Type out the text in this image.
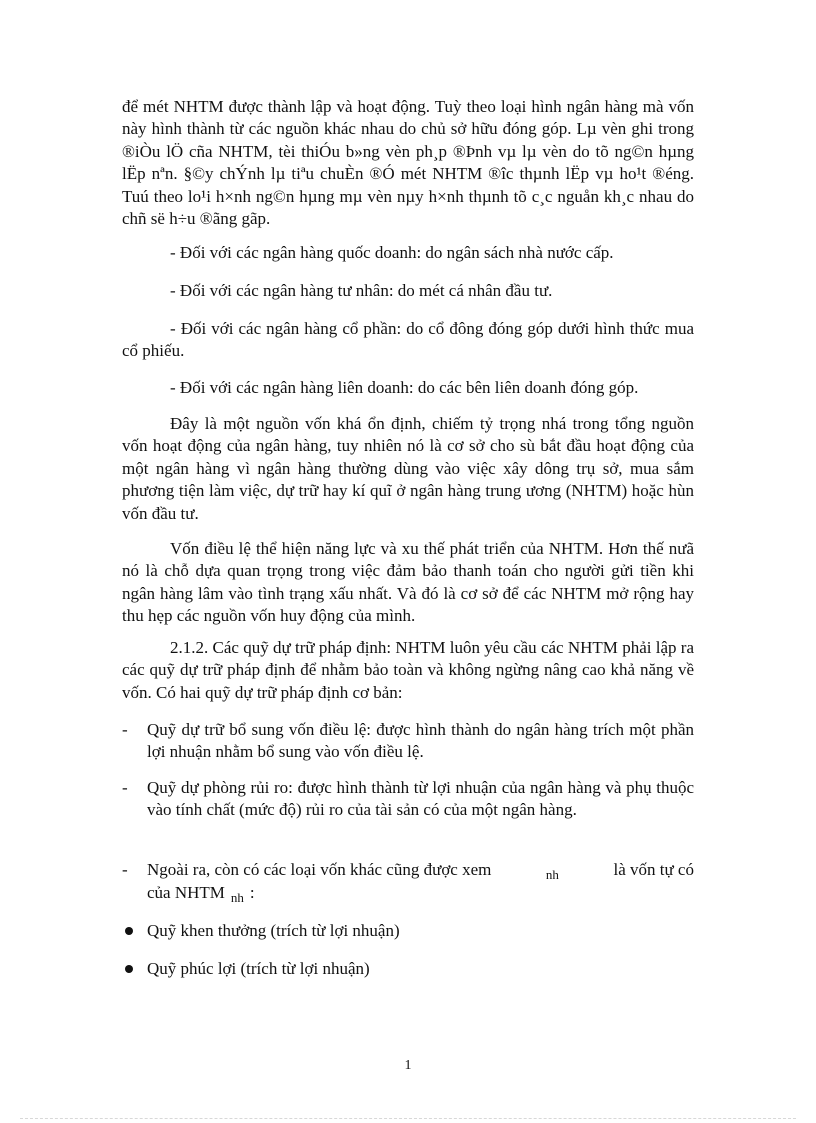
để mét NHTM được thành lập và hoạt động. Tuỳ theo loại hình ngân hàng mà vốn này hình thành từ các nguồn khác nhau do chủ sở hữu đóng góp. Lµ vèn ghi trong ®iÒu lÖ cña NHTM, tèi thiÓu b»ng vèn ph¸p ®Þnh vµ lµ vèn do tõ ng©n hµng lËp nªn. §©y chÝnh lµ tiªu chuÈn ®Ó mét NHTM ®îc thµnh lËp vµ ho¹t ®éng. Tuú theo lo¹i h×nh ng©n hµng mµ vèn nµy h×nh thµnh tõ c¸c nguån kh¸c nhau do chñ së h÷u ®ãng gãp.

- Đối với các ngân hàng quốc doanh: do ngân sách nhà nước cấp.

- Đối với các ngân hàng tư nhân: do mét cá nhân đầu tư.

- Đối với các ngân hàng cổ phần: do cổ đông đóng góp dưới hình thức mua cổ phiếu.

- Đối với các ngân hàng liên doanh: do các bên liên doanh đóng góp.

Đây là một nguồn vốn khá ổn định, chiếm tỷ trọng nhá trong tổng nguồn vốn hoạt động của ngân hàng, tuy nhiên nó là cơ sở cho sù bắt đầu hoạt động của một ngân hàng vì ngân hàng thường dùng vào việc xây dông trụ sở, mua sắm phương tiện làm việc, dự trữ hay kí quĩ ở ngân hàng trung ương (NHTM) hoặc hùn vốn đầu tư.

Vốn điều lệ thể hiện năng lực và xu thế phát triển của NHTM. Hơn thế nưã nó là chỗ dựa quan trọng trong việc đảm bảo thanh toán cho người gửi tiền khi ngân hàng lâm vào tình trạng xấu nhất. Và đó là cơ sở để các NHTM mở rộng hay thu hẹp các nguồn vốn huy động của mình.

2.1.2. Các quỹ dự trữ pháp định: NHTM luôn yêu cầu các NHTM phải lập ra các quỹ dự trữ pháp định để nhằm bảo toàn và không ngừng nâng cao khả năng về vốn. Có hai quỹ dự trữ pháp định cơ bản:

- Quỹ dự trữ bổ sung vốn điều lệ: được hình thành do ngân hàng trích một phần lợi nhuận nhằm bổ sung vào vốn điều lệ.
- Quỹ dự phòng rủi ro: được hình thành từ lợi nhuận của ngân hàng và phụ thuộc vào tính chất (mức độ) rủi ro của tài sản có của một ngân hàng.
- Ngoài ra, còn có các loại vốn khác cũng được xem	nh	là vốn tự có
của NHTM $_{nh}$ :
Quỹ khen thưởng (trích từ lợi nhuận)
Quỹ phúc lợi (trích từ lợi nhuận)
1
